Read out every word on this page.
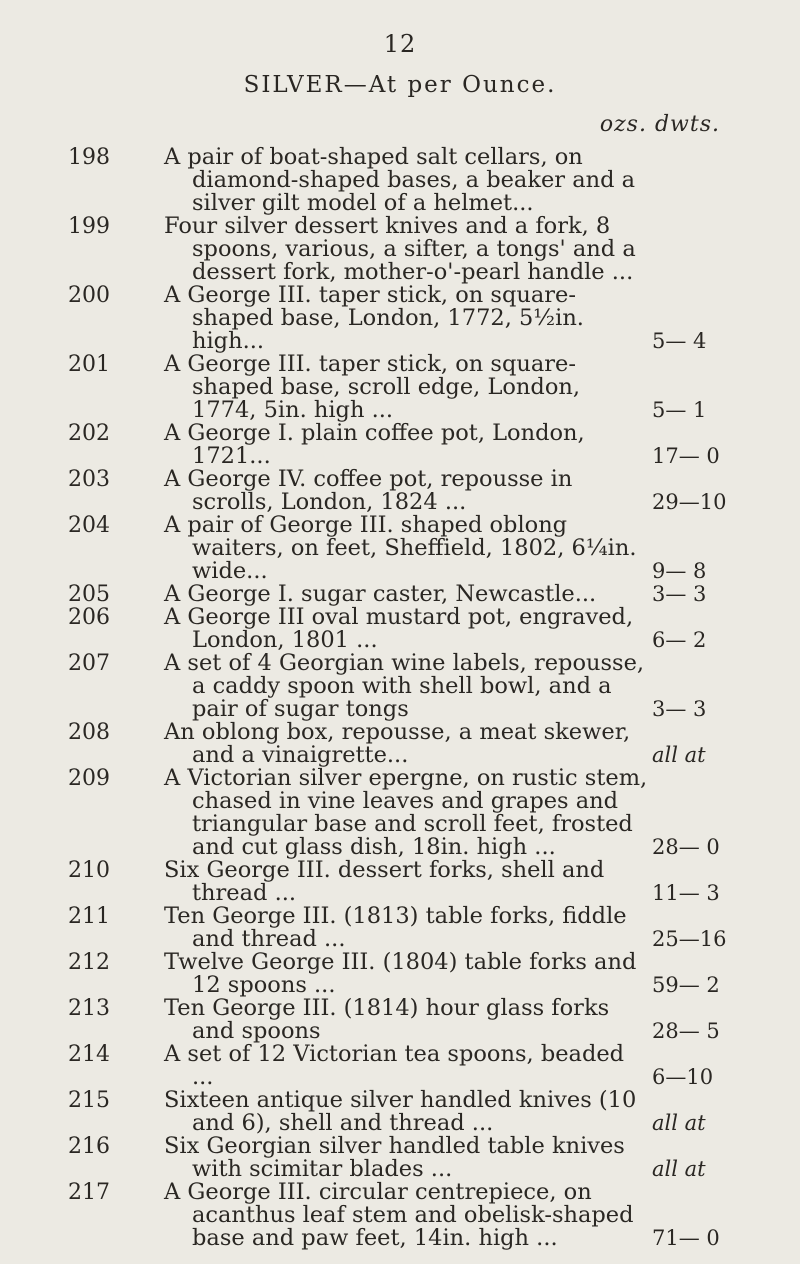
12
SILVER—At per Ounce.
ozs. dwts.
198	A pair of boat-shaped salt cellars, on diamond-shaped bases, a beaker and a silver gilt model of a helmet...
199	Four silver dessert knives and a fork, 8 spoons, various, a sifter, a tongs' and a dessert fork, mother-o'-pearl handle ...
200	A George III. taper stick, on square-shaped base, London, 1772, 5½in. high...	5— 4
201	A George III. taper stick, on square-shaped base, scroll edge, London, 1774, 5in. high ...	5— 1
202	A George I. plain coffee pot, London, 1721...	17— 0
203	A George IV. coffee pot, repousse in scrolls, London, 1824 ...	29—10
204	A pair of George III. shaped oblong waiters, on feet, Sheffield, 1802, 6¼in. wide...	9— 8
205	A George I. sugar caster, Newcastle...	3— 3
206	A George III oval mustard pot, engraved, London, 1801 ...	6— 2
207	A set of 4 Georgian wine labels, repousse, a caddy spoon with shell bowl, and a pair of sugar tongs	3— 3
208	An oblong box, repousse, a meat skewer, and a vinaigrette...	all at
209	A Victorian silver epergne, on rustic stem, chased in vine leaves and grapes and triangular base and scroll feet, frosted and cut glass dish, 18in. high ...	28— 0
210	Six George III. dessert forks, shell and thread ...	11— 3
211	Ten George III. (1813) table forks, fiddle and thread ...	25—16
212	Twelve George III. (1804) table forks and 12 spoons ...	59— 2
213	Ten George III. (1814) hour glass forks and spoons	28— 5
214	A set of 12 Victorian tea spoons, beaded ...	6—10
215	Sixteen antique silver handled knives (10 and 6), shell and thread ...	all at
216	Six Georgian silver handled table knives with scimitar blades ...	all at
217	A George III. circular centrepiece, on acanthus leaf stem and obelisk-shaped base and paw feet, 14in. high ...	71— 0
